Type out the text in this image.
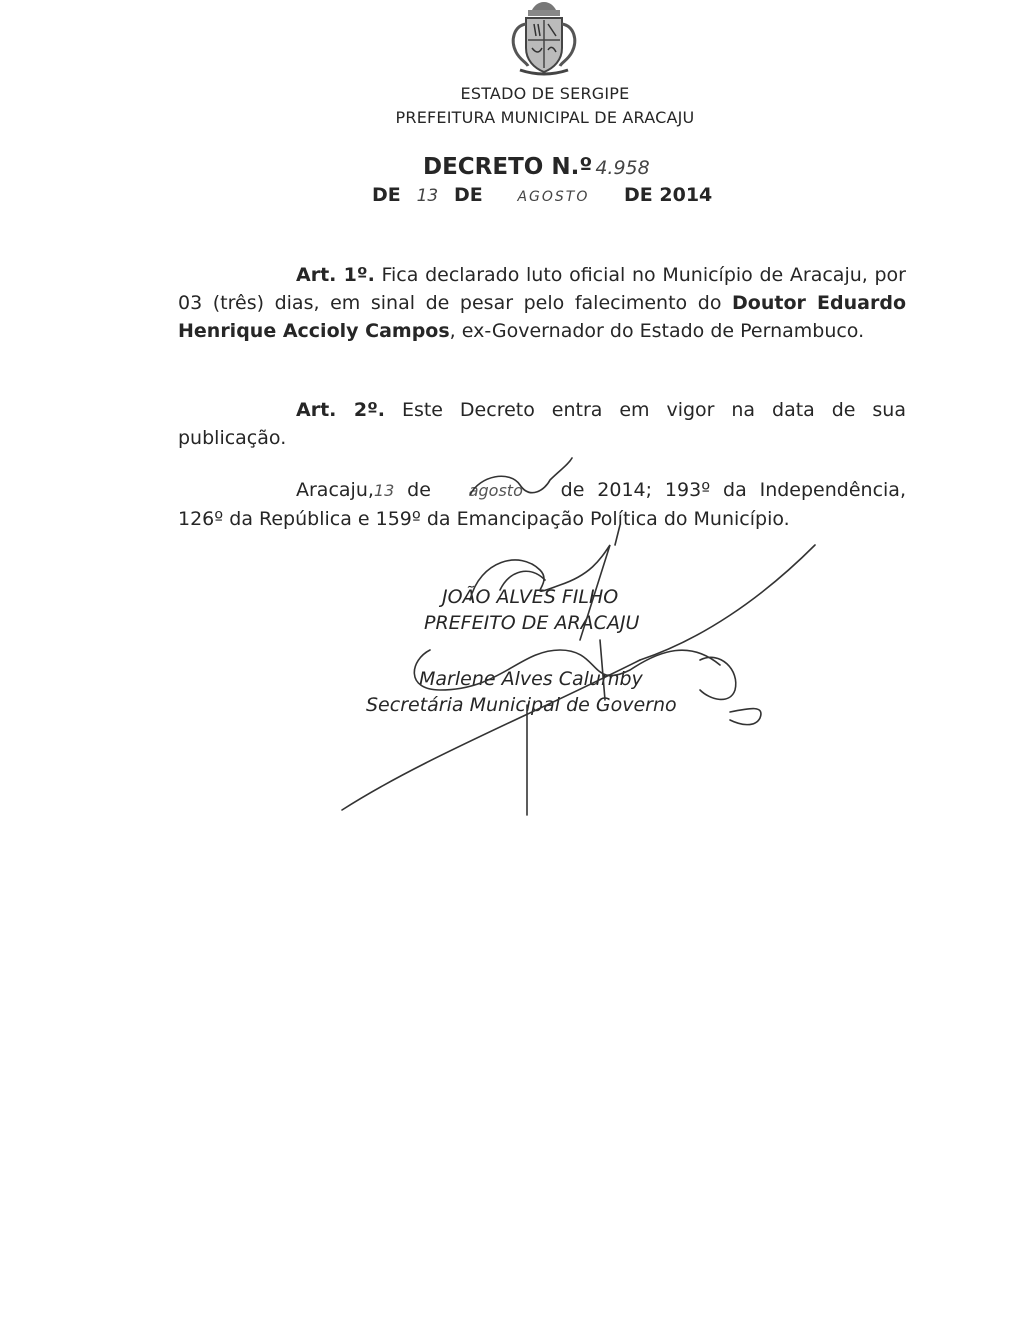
ESTADO DE SERGIPE
PREFEITURA MUNICIPAL DE ARACAJU
DECRETO N.º 4.958
DE 13 DE AGOSTO DE 2014
Art. 1º. Fica declarado luto oficial no Município de Aracaju, por 03 (três) dias, em sinal de pesar pelo falecimento do Doutor Eduardo Henrique Accioly Campos, ex-Governador do Estado de Pernambuco.
Art. 2º. Este Decreto entra em vigor na data de sua publicação.
Aracaju,13 de agosto de 2014; 193º da Independência, 126º da República e 159º da Emancipação Política do Município.
JOÃO ALVES FILHO
PREFEITO DE ARACAJU
Marlene Alves Calumby
Secretária Municipal de Governo
